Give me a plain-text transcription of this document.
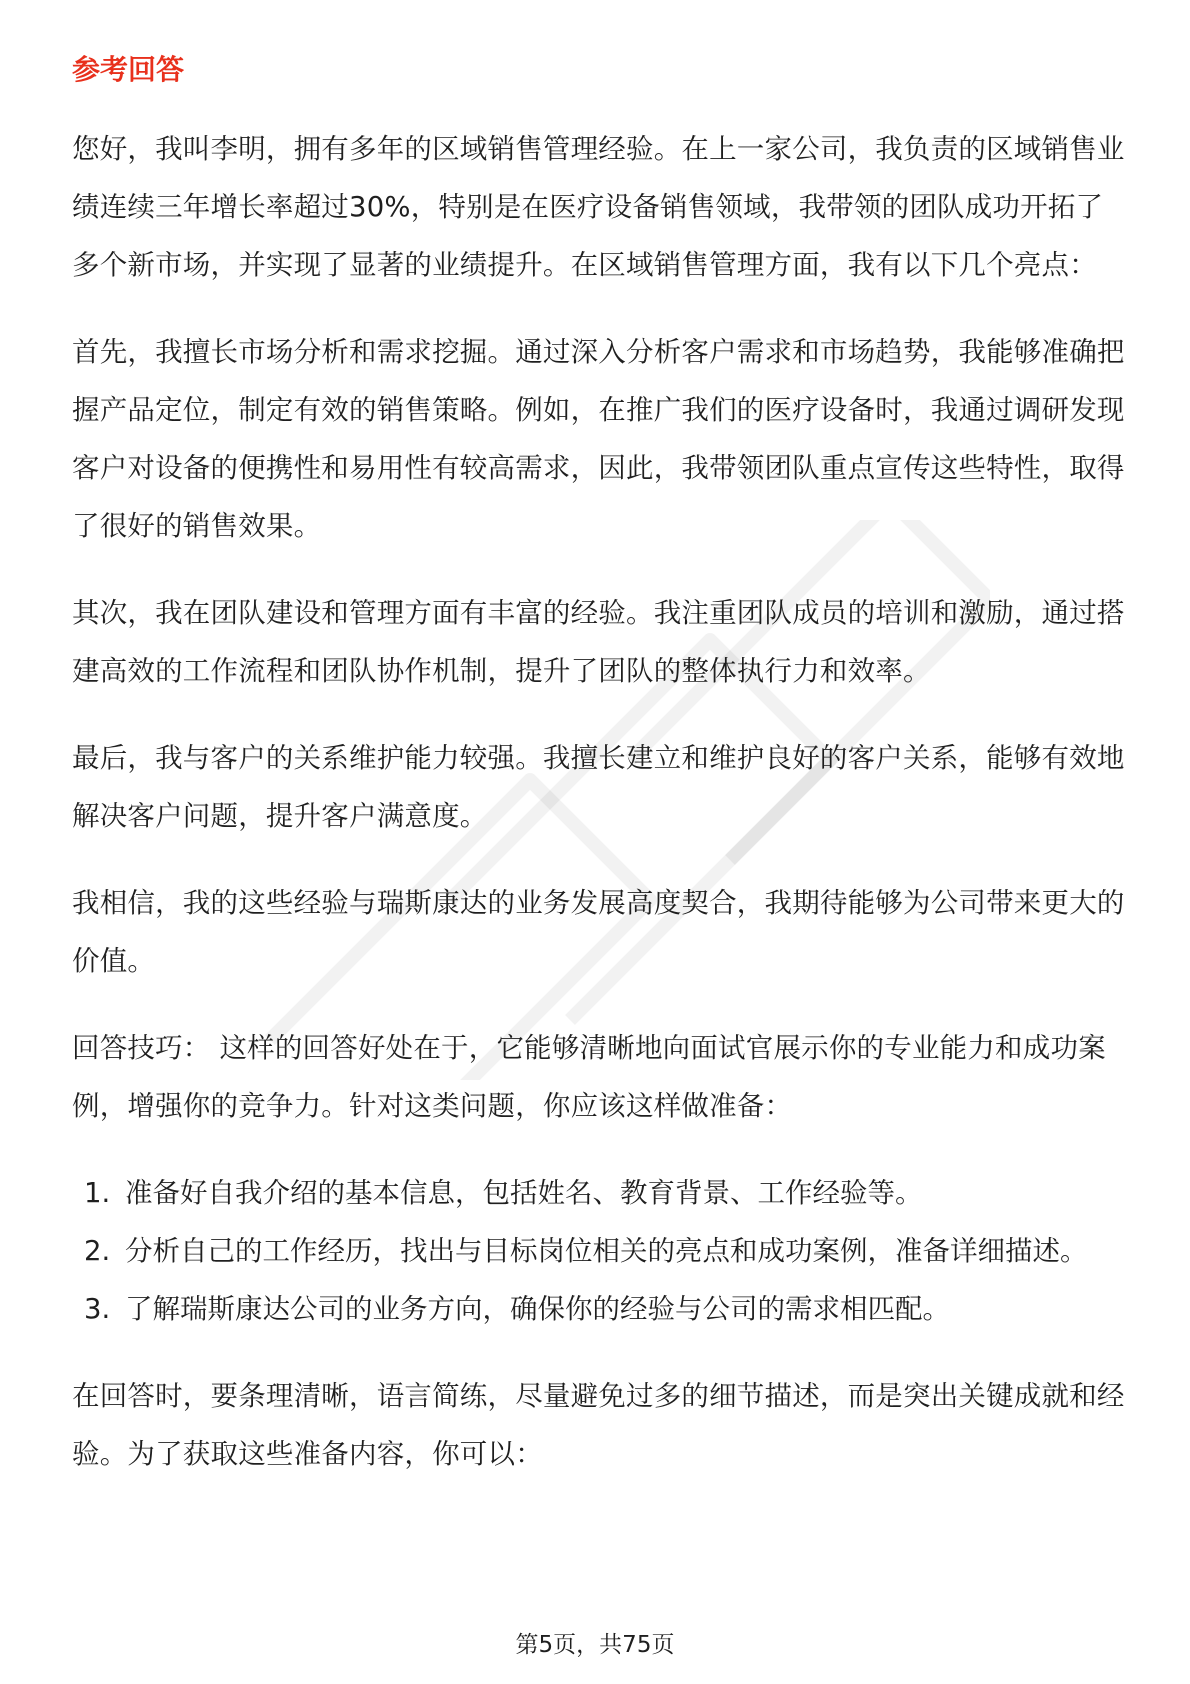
参考回答

您好，我叫李明，拥有多年的区域销售管理经验。在上一家公司，我负责的区域销售业绩连续三年增长率超过30%，特别是在医疗设备销售领域，我带领的团队成功开拓了多个新市场，并实现了显著的业绩提升。在区域销售管理方面，我有以下几个亮点：

首先，我擅长市场分析和需求挖掘。通过深入分析客户需求和市场趋势，我能够准确把握产品定位，制定有效的销售策略。例如，在推广我们的医疗设备时，我通过调研发现客户对设备的便携性和易用性有较高需求，因此，我带领团队重点宣传这些特性，取得了很好的销售效果。

其次，我在团队建设和管理方面有丰富的经验。我注重团队成员的培训和激励，通过搭建高效的工作流程和团队协作机制，提升了团队的整体执行力和效率。

最后，我与客户的关系维护能力较强。我擅长建立和维护良好的客户关系，能够有效地解决客户问题，提升客户满意度。

我相信，我的这些经验与瑞斯康达的业务发展高度契合，我期待能够为公司带来更大的价值。

回答技巧： 这样的回答好处在于，它能够清晰地向面试官展示你的专业能力和成功案例，增强你的竞争力。针对这类问题，你应该这样做准备：

1. 准备好自我介绍的基本信息，包括姓名、教育背景、工作经验等。
2. 分析自己的工作经历，找出与目标岗位相关的亮点和成功案例，准备详细描述。
3. 了解瑞斯康达公司的业务方向，确保你的经验与公司的需求相匹配。

在回答时，要条理清晰，语言简练，尽量避免过多的细节描述，而是突出关键成就和经验。为了获取这些准备内容，你可以：

第5页，共75页
